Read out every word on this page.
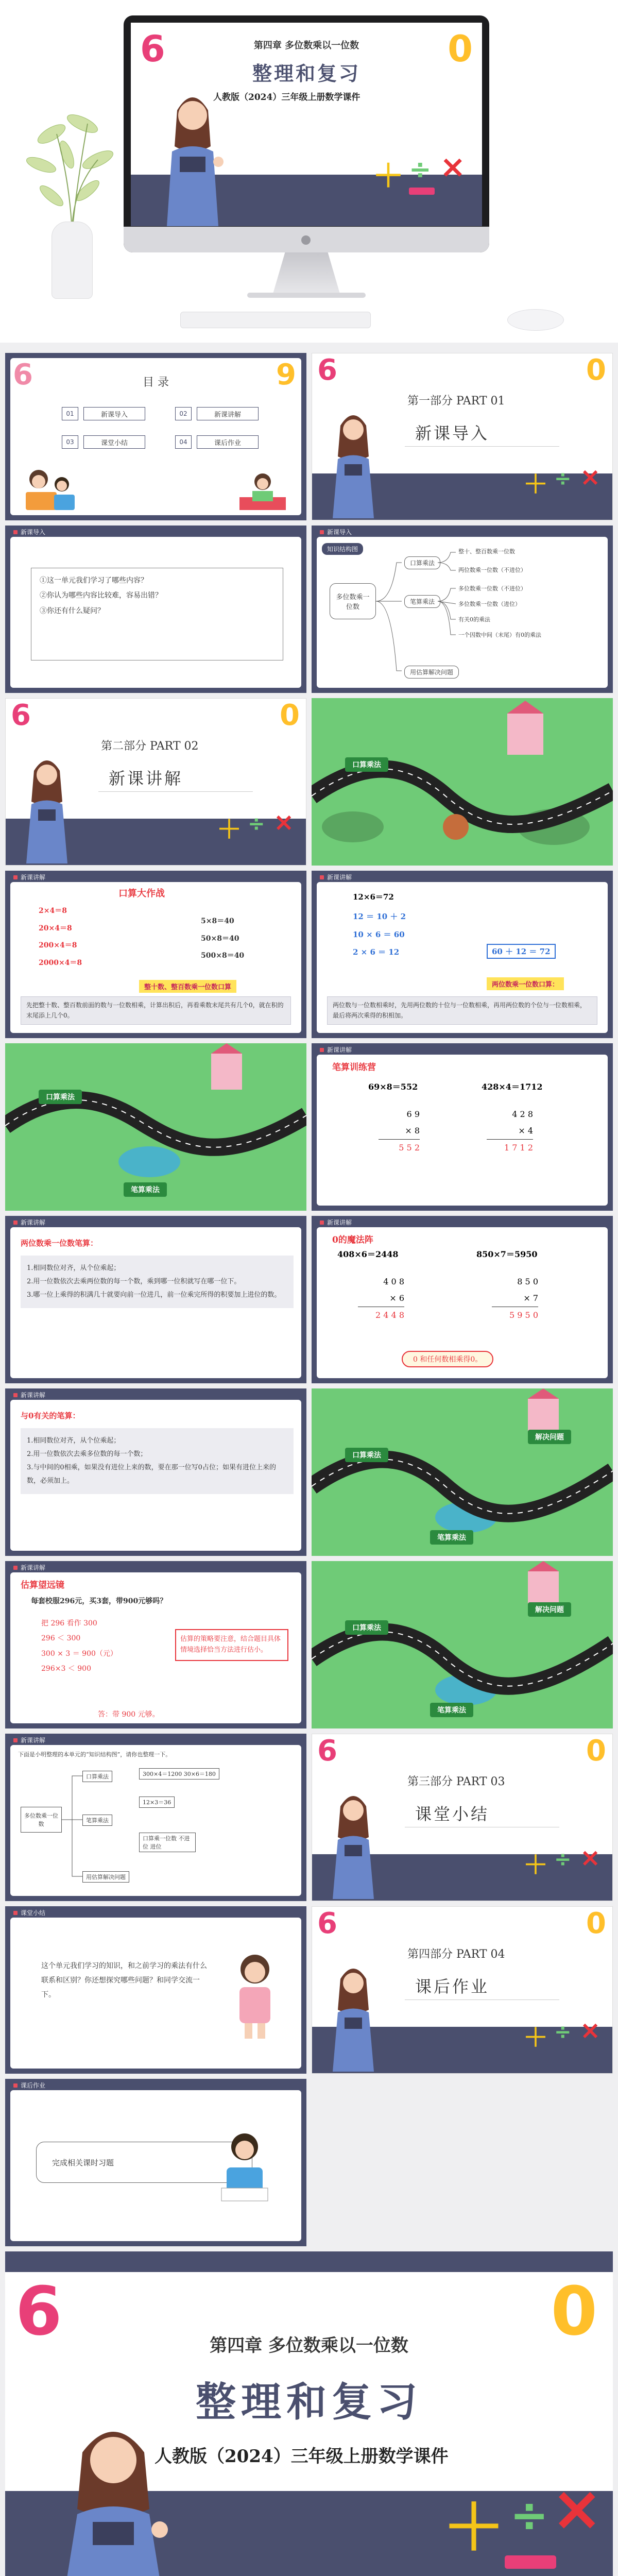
6	0
第四章 多位数乘以一位数
整理和复习
人教版（2024）三年级上册数学课件
＋ ÷ ×
6	9
目 录
01	新课导入	02	新课讲解
03	课堂小结	04	课后作业
6	0
第一部分 PART 01
新课导入
＋ ÷ ×
新课导入
①这一单元我们学习了哪些内容？
②你认为哪些内容比较难，容易出错？
③你还有什么疑问？
新课导入
知识结构图
多位数乘一位数
口算乘法
笔算乘法
用估算解决问题
整十、整百数乘一位数
两位数乘一位数（不进位）
多位数乘一位数（不进位）
多位数乘一位数（进位）
有关0的乘法
一个因数中间（末尾）有0的乘法
6	0
第二部分 PART 02
新课讲解
＋ ÷ ×
口算乘法
新课讲解
口算大作战
2×4＝8
20×4＝8
200×4＝8
2000×4＝8
5×8＝40
50×8＝40
500×8＝40
整十数、整百数乘一位数口算
先把整十数、整百数前面的数与一位数相乘，计算出积后，再看乘数末尾共有几个0，就在积的末尾添上几个0。
新课讲解
12×6＝72
12 ＝ 10 ＋ 2
10 × 6 ＝ 60
2 × 6 ＝ 12	60 ＋ 12 ＝ 72
两位数乘一位数口算：
两位数与一位数相乘时，先用两位数的十位与一位数相乘，再用两位数的个位与一位数相乘，最后将两次乘得的积相加。
口算乘法
笔算乘法
新课讲解
笔算训练营
69×8＝552	428×4＝1712
6 9
× 8
5 5 2
4 2 8
× 4
1 7 1 2
新课讲解
两位数乘一位数笔算：
1.相同数位对齐，从个位乘起；
2.用一位数依次去乘两位数的每一个数，乘到哪一位积就写在哪一位下。
3.哪一位上乘得的积满几十就要向前一位进几，前一位乘完所得的积要加上进位的数。
新课讲解
0的魔法阵
408×6＝2448	850×7＝5950
4 0 8
× 6
2 4 4 8
8 5 0
× 7
5 9 5 0
0 和任何数相乘得0。
新课讲解
与0有关的笔算：
1.相同数位对齐，从个位乘起；
2.用一位数依次去乘多位数的每一个数；
3.与中间的0相乘，如果没有进位上来的数，要在那一位写0占位；如果有进位上来的数，必须加上。
口算乘法
笔算乘法
解决问题
新课讲解
估算望远镜
每套校服296元，买3套，带900元够吗？
把 296 看作 300
296 ＜ 300
300 × 3 ＝ 900（元）
296×3 ＜ 900
答：带 900 元够。
估算的策略要注意，结合题目具体情境选择恰当方法进行估小。
口算乘法
笔算乘法
解决问题
新课讲解
下面是小明整理的本单元的“知识结构图”，请你也整理一下。
多位数乘一位数
口算乘法
笔算乘法
用估算解决问题
300×4＝1200 30×6＝180
12×3＝36
口算乘一位数 不进位 进位
6	0
第三部分 PART 03
课堂小结
＋ ÷ ×
课堂小结
这个单元我们学习的知识，和之前学习的乘法有什么联系和区别？你还想探究哪些问题？和同学交流一下。
6	0
第四部分 PART 04
课后作业
＋ ÷ ×
课后作业
完成相关课时习题
6	0
第四章 多位数乘以一位数
整理和复习
人教版（2024）三年级上册数学课件
＋ ÷ ×
